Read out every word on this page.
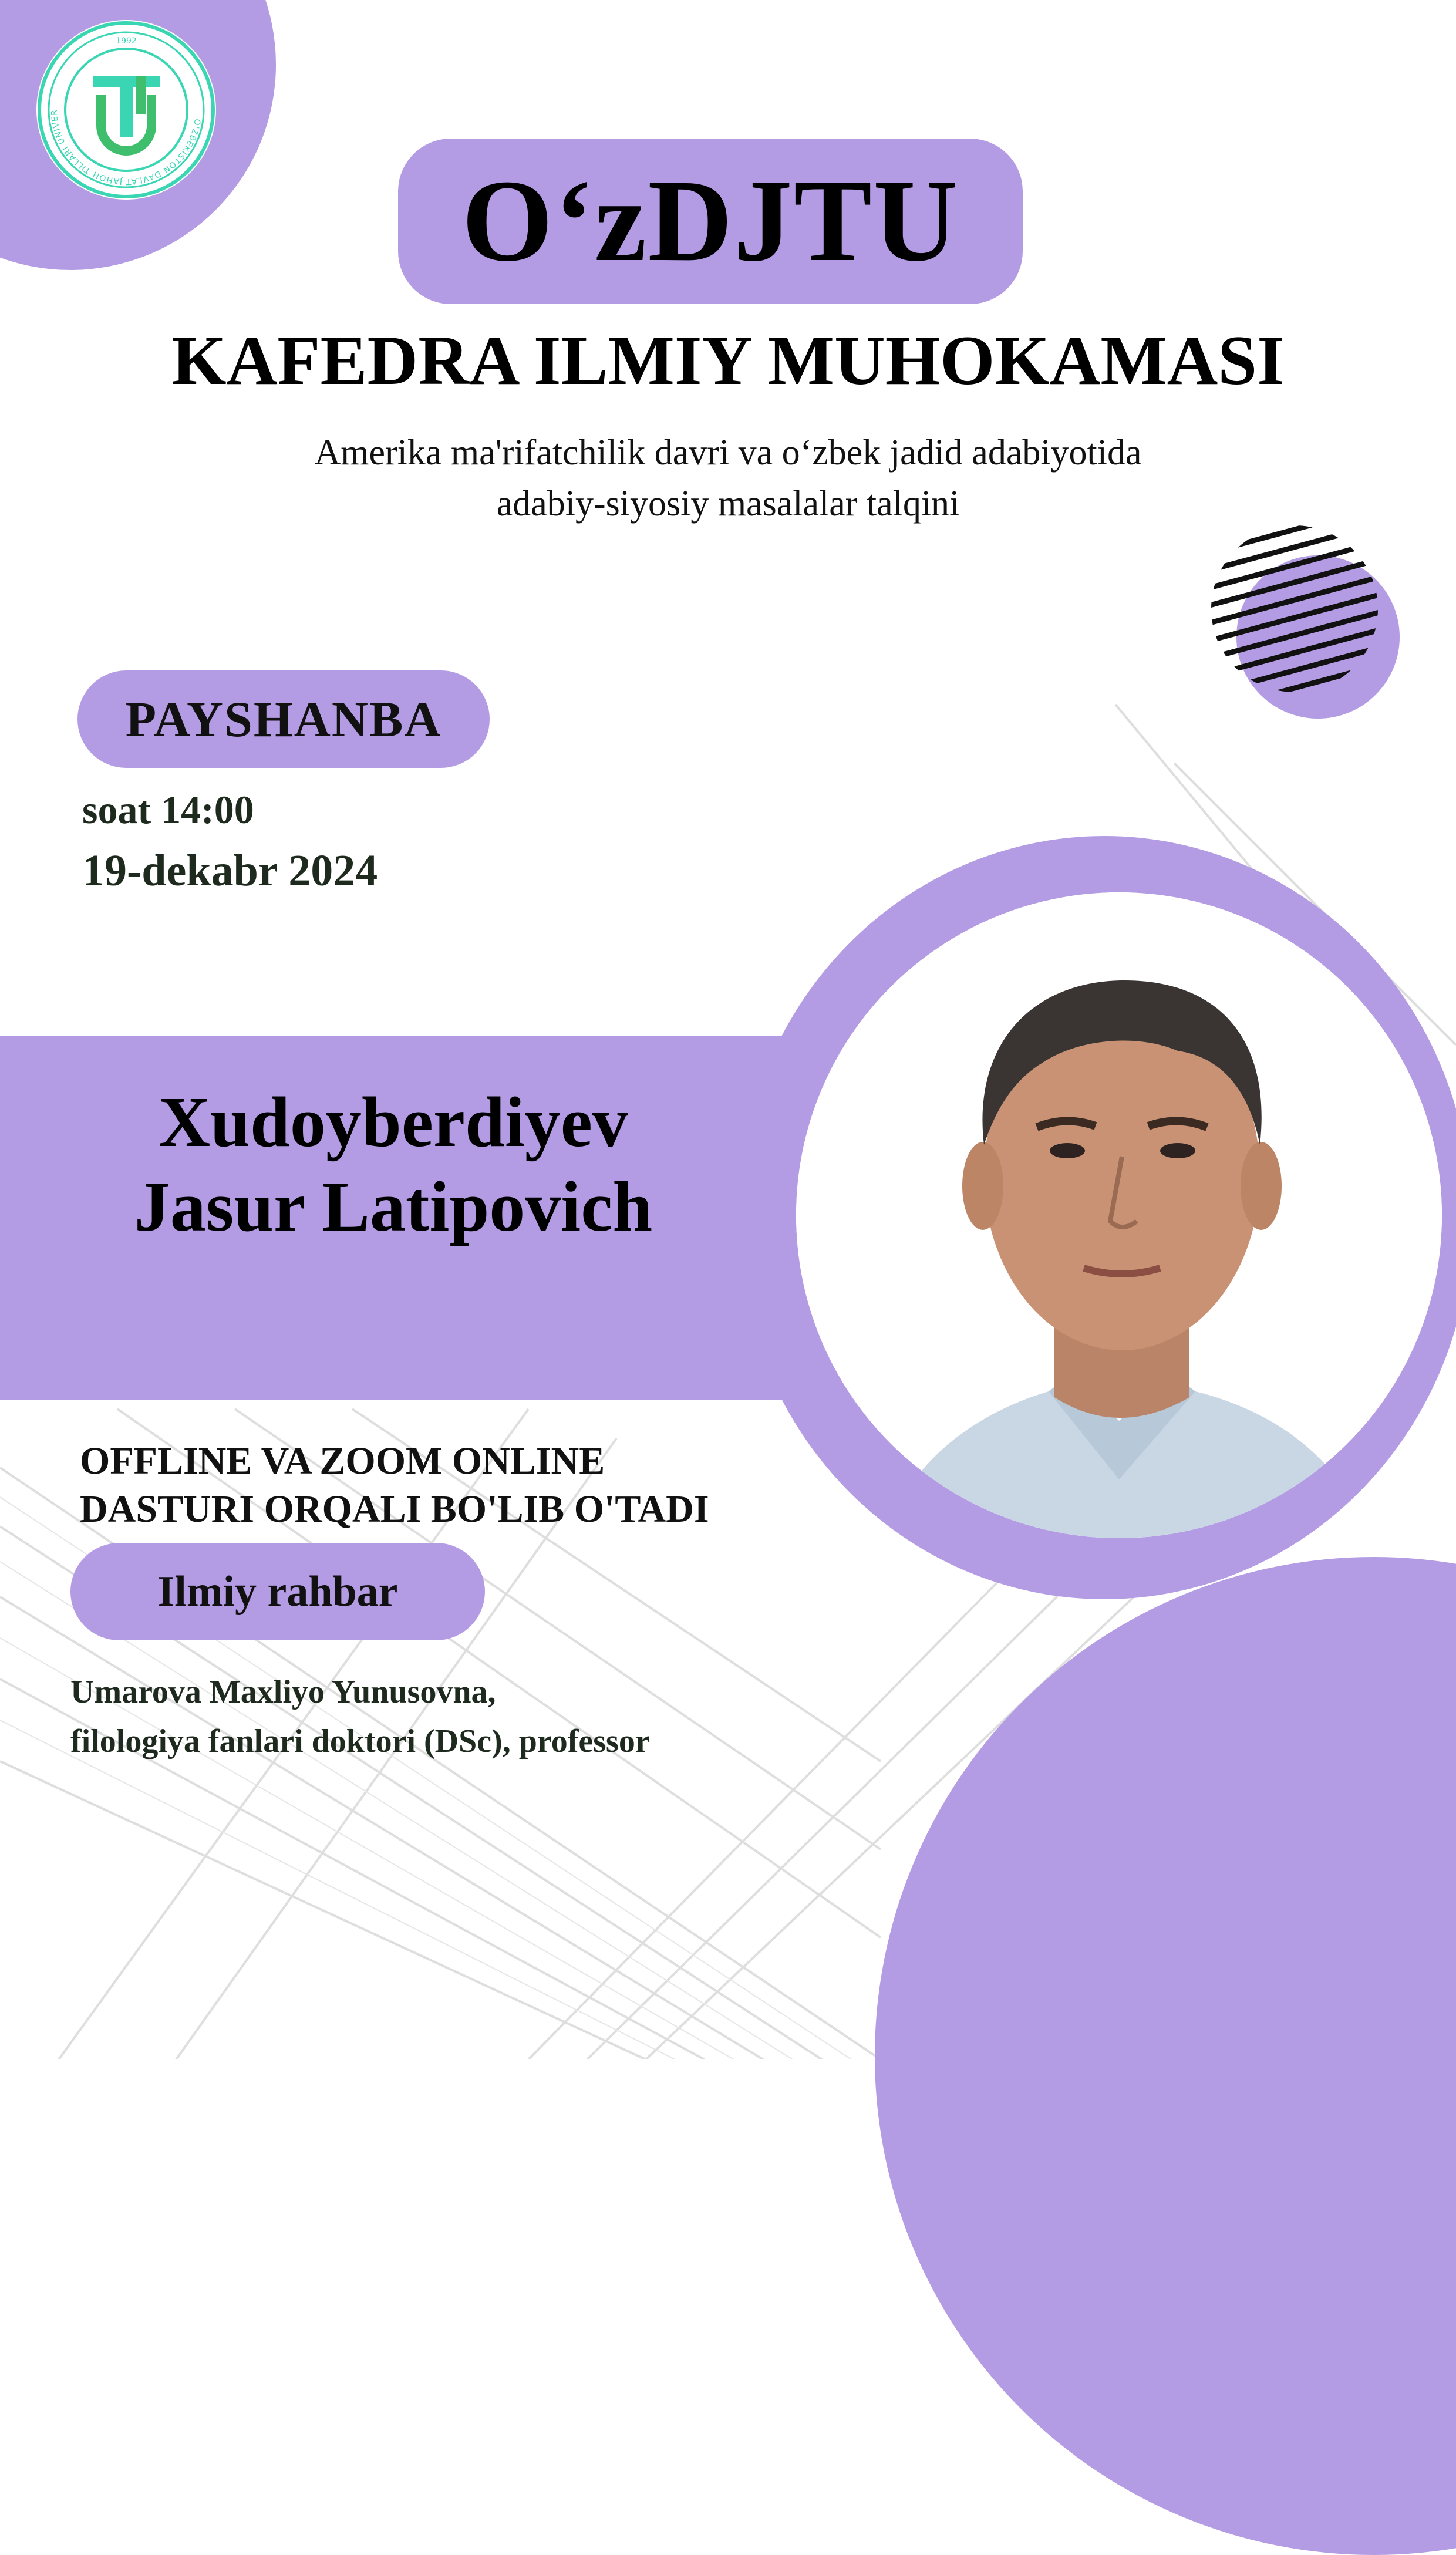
O'ZBEKISTON DAVLAT JAHON TILLARI UNIVER
1992
O‘zDJTU
KAFEDRA ILMIY MUHOKAMASI
Amerika ma'rifatchilik davri va o‘zbek jadid adabiyotida
adabiy-siyosiy masalalar talqini
PAYSHANBA
soat 14:00
19-dekabr 2024
Xudoyberdiyev
Jasur Latipovich
OFFLINE VA ZOOM ONLINE
DASTURI ORQALI BO'LIB O'TADI
Ilmiy rahbar
Umarova Maxliyo Yunusovna,
filologiya fanlari doktori (DSc), professor
